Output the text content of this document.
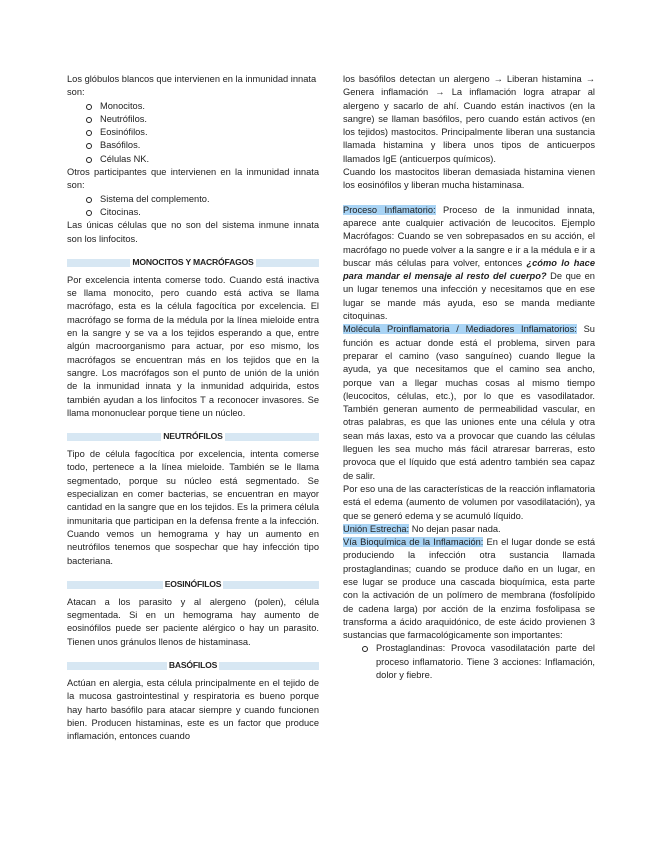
Los glóbulos blancos que intervienen en la inmunidad innata son:

Monocitos.
Neutrófilos.
Eosinófilos.
Basófilos.
Células NK.

Otros participantes que intervienen en la inmunidad innata son:

Sistema del complemento.
Citocinas.

Las únicas células que no son del sistema inmune innata son los linfocitos.

MONOCITOS Y MACRÓFAGOS

Por excelencia intenta comerse todo. Cuando está inactiva se llama monocito, pero cuando está activa se llama macrófago, esta es la célula fagocítica por excelencia. El macrófago se forma de la médula por la línea mieloide entra en la sangre y se va a los tejidos esperando a que, entre algún macroorganismo para actuar, por eso mismo, los macrófagos se encuentran más en los tejidos que en la sangre. Los macrófagos son el punto de unión de la unión de la inmunidad innata y la inmunidad adquirida, estos también ayudan a los linfocitos T a reconocer invasores. Se llama mononuclear porque tiene un núcleo.

NEUTRÓFILOS

Tipo de célula fagocítica por excelencia, intenta comerse todo, pertenece a la línea mieloide. También se le llama segmentado, porque su núcleo está segmentado. Se especializan en comer bacterias, se encuentran en mayor cantidad en la sangre que en los tejidos. Es la primera célula inmunitaria que participan en la defensa frente a la infección. Cuando vemos un hemograma y hay un aumento en neutrófilos tenemos que sospechar que hay infección tipo bacteriana.

EOSINÓFILOS

Atacan a los parasito y al alergeno (polen), célula segmentada. Si en un hemograma hay aumento de eosinófilos puede ser paciente alérgico o hay un parasito. Tienen unos gránulos llenos de histaminasa.

BASÓFILOS

Actúan en alergia, esta célula principalmente en el tejido de la mucosa gastrointestinal y respiratoria es bueno porque hay harto basófilo para atacar siempre y cuando funcionen bien. Producen histaminas, este es un factor que produce inflamación, entonces cuando

los basófilos detectan un alergeno → Liberan histamina → Genera inflamación → La inflamación logra atrapar al alergeno y sacarlo de ahí. Cuando están inactivos (en la sangre) se llaman basófilos, pero cuando están activos (en los tejidos) mastocitos. Principalmente liberan una sustancia llamada histamina y libera unos tipos de anticuerpos llamados IgE (anticuerpos químicos).

Cuando los mastocitos liberan demasiada histamina vienen los eosinófilos y liberan mucha histaminasa.

Proceso Inflamatorio: Proceso de la inmunidad innata, aparece ante cualquier activación de leucocitos. Ejemplo Macrófagos: Cuando se ven sobrepasados en su acción, el macrófago no puede volver a la sangre e ir a la médula e ir a buscar más células para volver, entonces ¿cómo lo hace para mandar el mensaje al resto del cuerpo? De que en un lugar tenemos una infección y necesitamos que en ese lugar se mande más ayuda, eso se manda mediante citoquinas.

Molécula Proinflamatoria / Mediadores Inflamatorios: Su función es actuar donde está el problema, sirven para preparar el camino (vaso sanguíneo) cuando llegue la ayuda, ya que necesitamos que el camino sea ancho, porque van a llegar muchas cosas al mismo tiempo (leucocitos, células, etc.), por lo que es vasodilatador. También generan aumento de permeabilidad vascular, en otras palabras, es que las uniones ente una célula y otra sean más laxas, esto va a provocar que cuando las células lleguen les sea mucho más fácil atraresar barreras, esto provoca que el líquido que está adentro también sea capaz de salir.

Por eso una de las características de la reacción inflamatoria está el edema (aumento de volumen por vasodilatación), ya que se generó edema y se acumuló líquido.

Unión Estrecha: No dejan pasar nada.

Vía Bioquímica de la Inflamación: En el lugar donde se está produciendo la infección otra sustancia llamada prostaglandinas; cuando se produce daño en un lugar, en ese lugar se produce una cascada bioquímica, esta parte con la activación de un polímero de membrana (fosfolípido de cadena larga) por acción de la enzima fosfolipasa se transforma a ácido araquidónico, de este ácido provienen 3 sustancias que farmacológicamente son importantes:

Prostaglandinas: Provoca vasodilatación parte del proceso inflamatorio. Tiene 3 acciones: Inflamación, dolor y fiebre.
